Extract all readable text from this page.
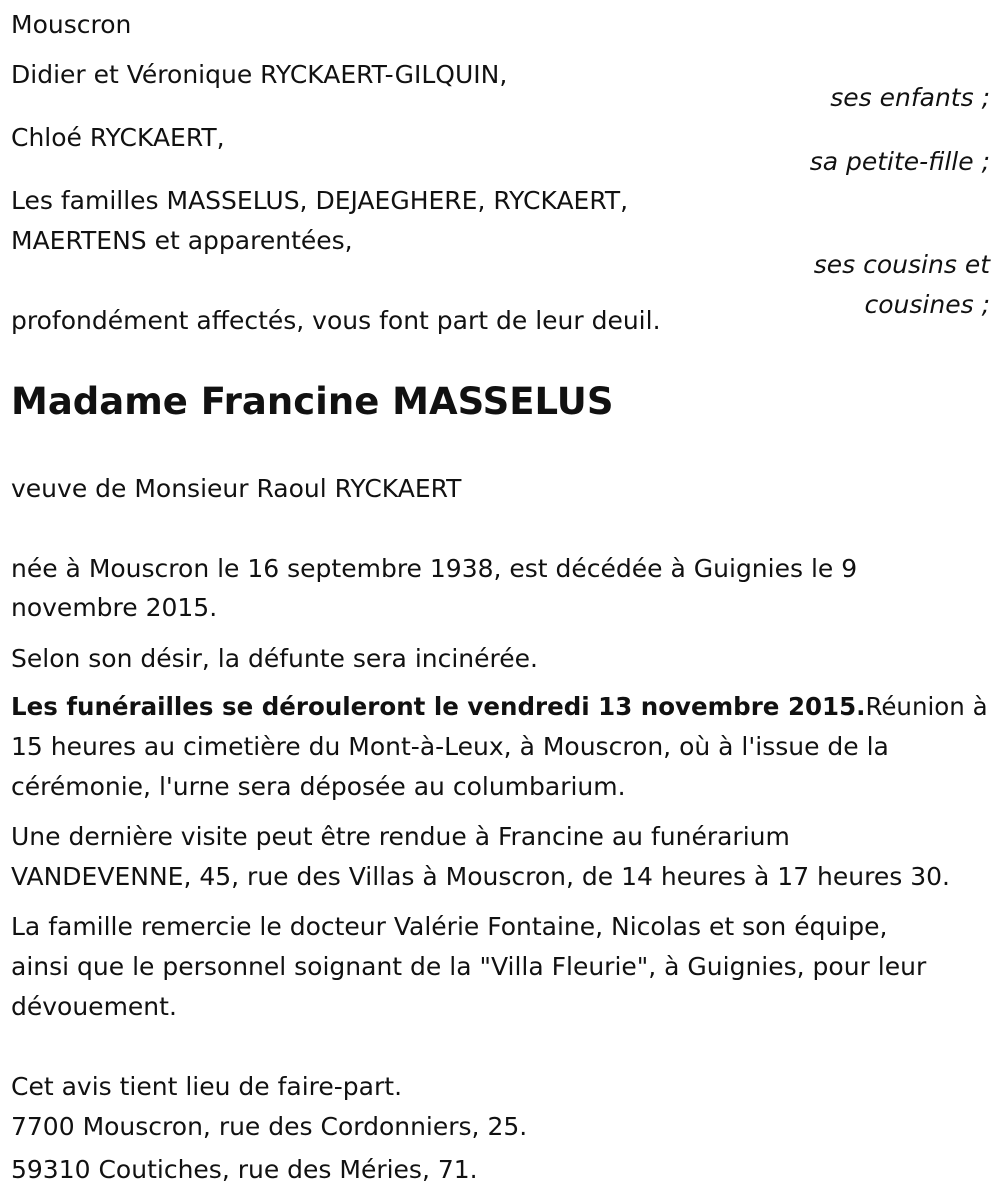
Mouscron
Didier et Véronique RYCKAERT-GILQUIN,
ses enfants ;
Chloé RYCKAERT,
sa petite-fille ;
Les familles MASSELUS, DEJAEGHERE, RYCKAERT,
MAERTENS et apparentées,
ses cousins et
cousines ;
profondément affectés, vous font part de leur deuil.
Madame Francine MASSELUS
veuve de Monsieur Raoul RYCKAERT
née à Mouscron le 16 septembre 1938, est décédée à Guignies le 9
novembre 2015.
Selon son désir, la défunte sera incinérée.
Les funérailles se dérouleront le vendredi 13 novembre 2015.Réunion à
15 heures au cimetière du Mont-à-Leux, à Mouscron, où à l'issue de la
cérémonie, l'urne sera déposée au columbarium.
Une dernière visite peut être rendue à Francine au funérarium
VANDEVENNE, 45, rue des Villas à Mouscron, de 14 heures à 17 heures 30.
La famille remercie le docteur Valérie Fontaine, Nicolas et son équipe,
ainsi que le personnel soignant de la "Villa Fleurie", à Guignies, pour leur
dévouement.
Cet avis tient lieu de faire-part.
7700 Mouscron, rue des Cordonniers, 25.
59310 Coutiches, rue des Méries, 71.
